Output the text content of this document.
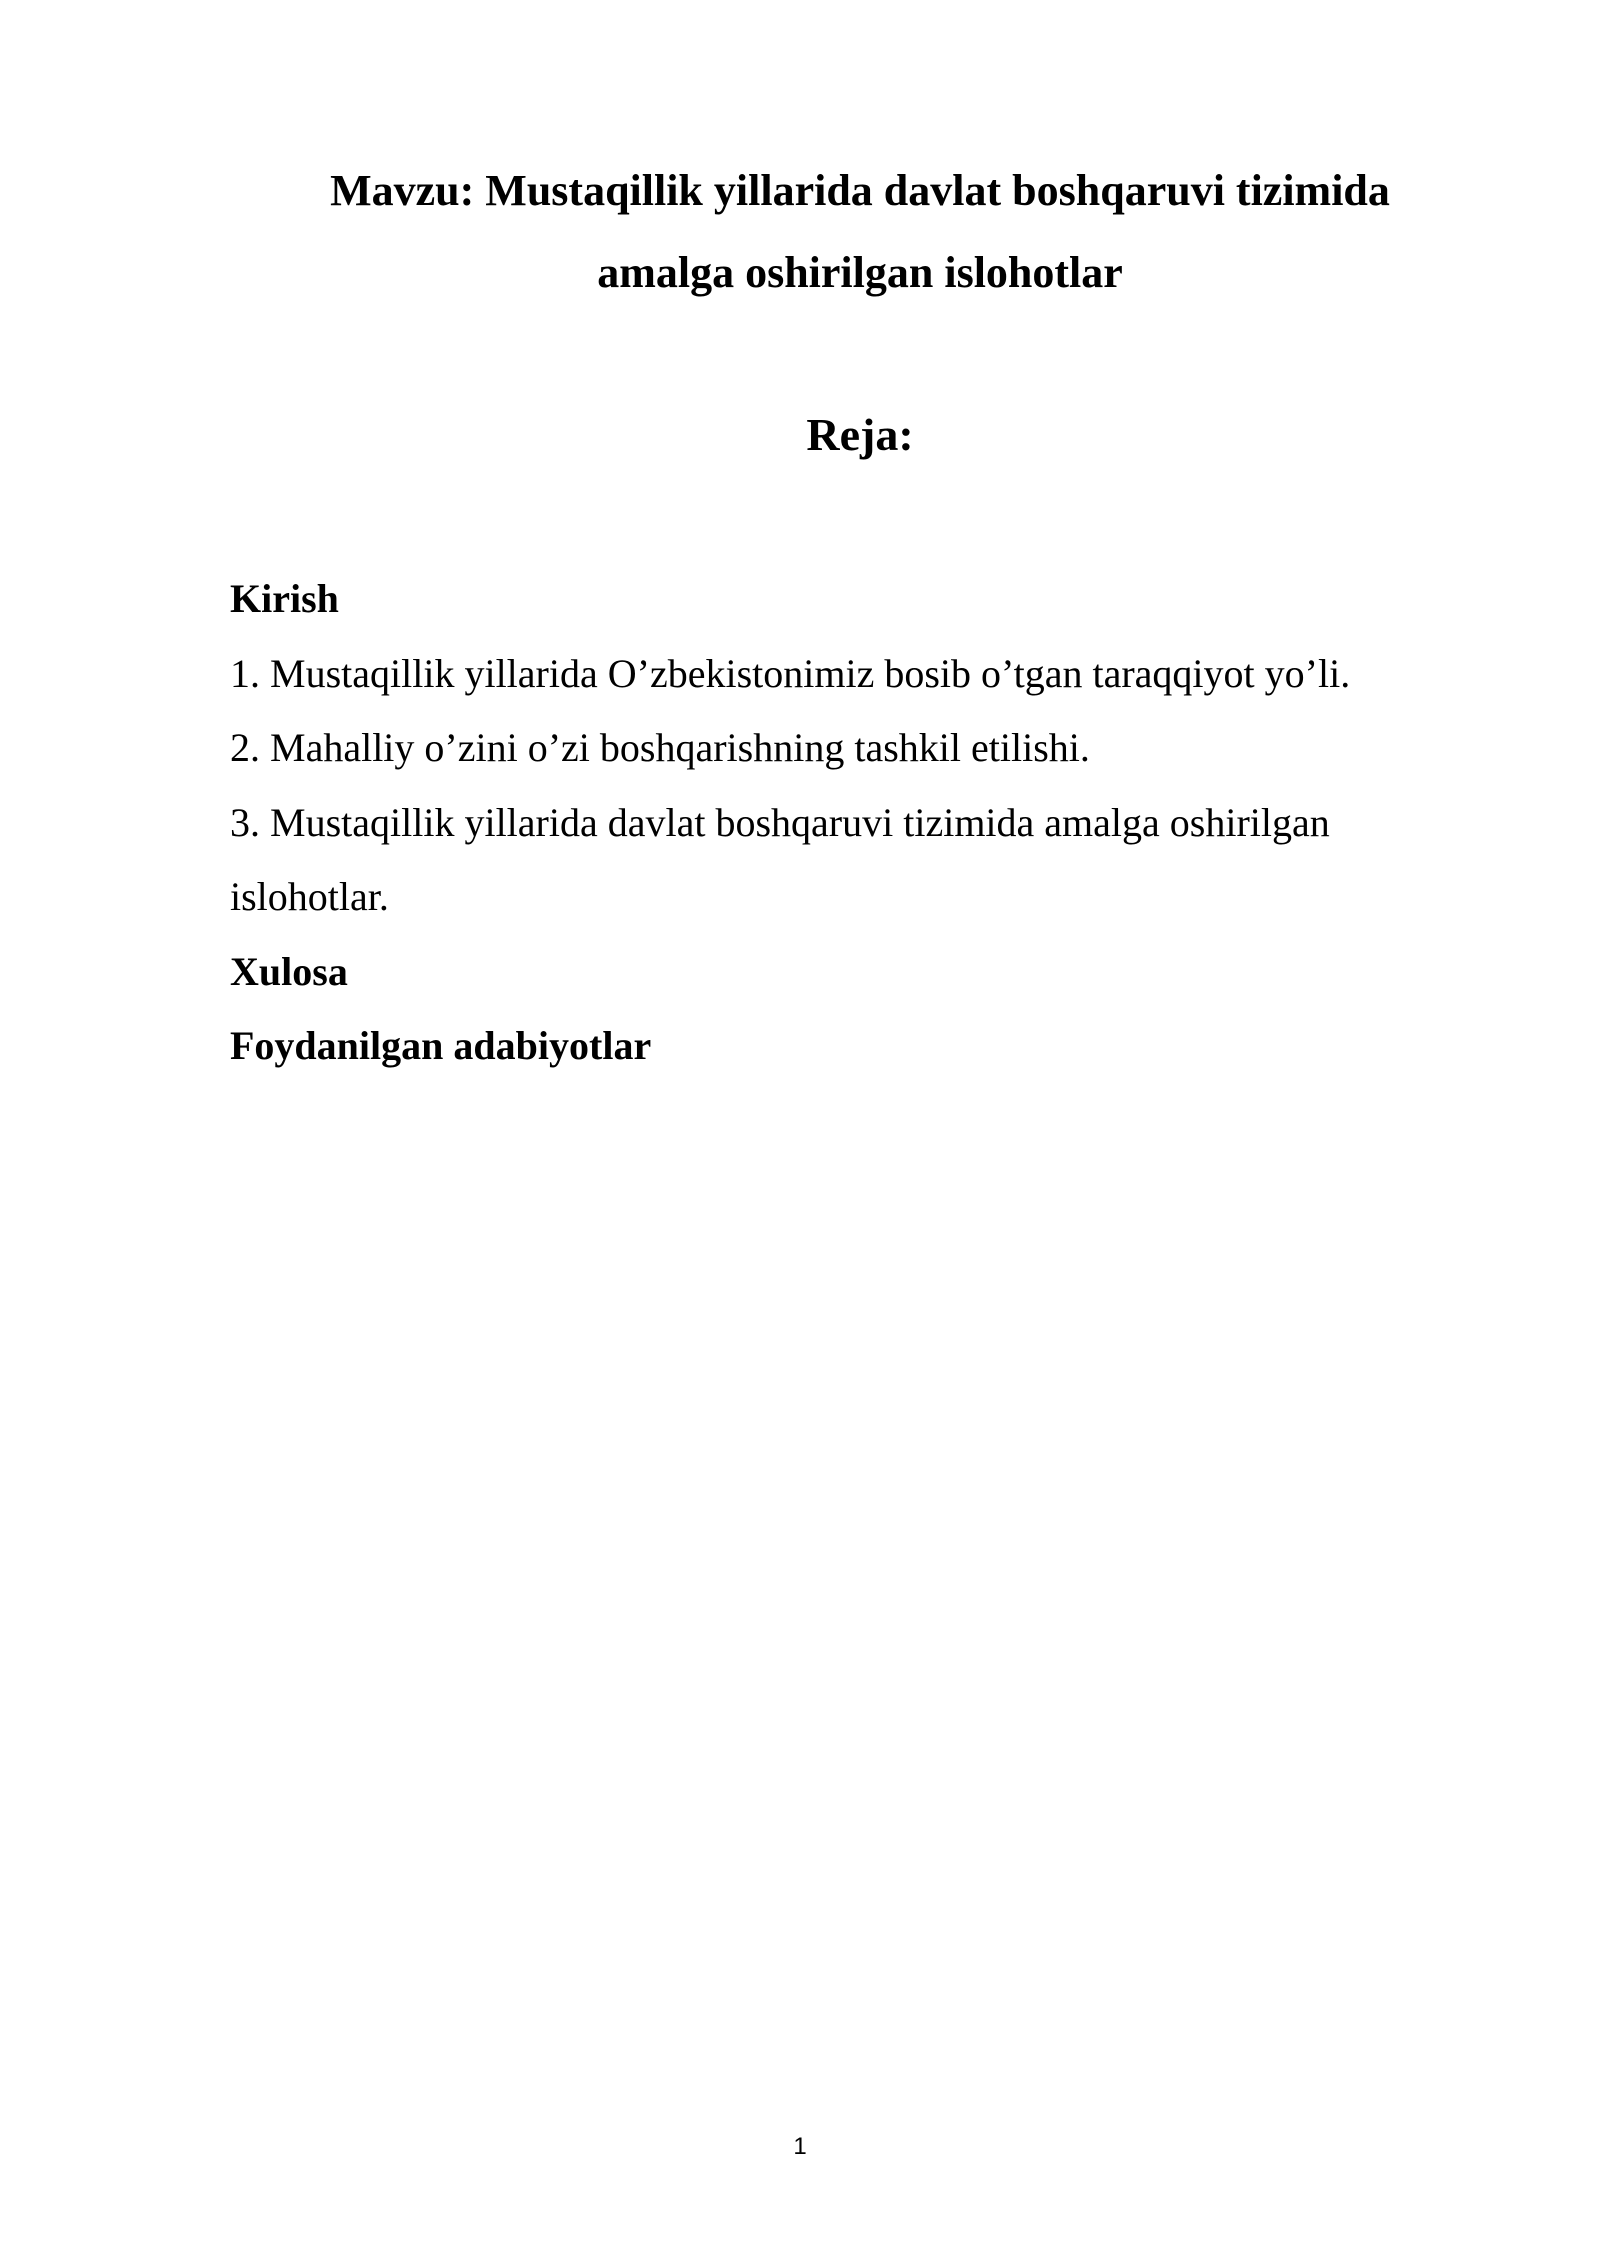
Mavzu: Mustaqillik yillarida davlat boshqaruvi tizimida
amalga oshirilgan islohotlar
Reja:
Kirish
1. Mustaqillik yillarida O’zbekistonimiz bosib o’tgan taraqqiyot yo’li.
2. Mahalliy o’zini o’zi boshqarishning tashkil etilishi.
3. Mustaqillik yillarida davlat boshqaruvi tizimida amalga oshirilgan
islohotlar.
Xulosa
Foydanilgan adabiyotlar
1
